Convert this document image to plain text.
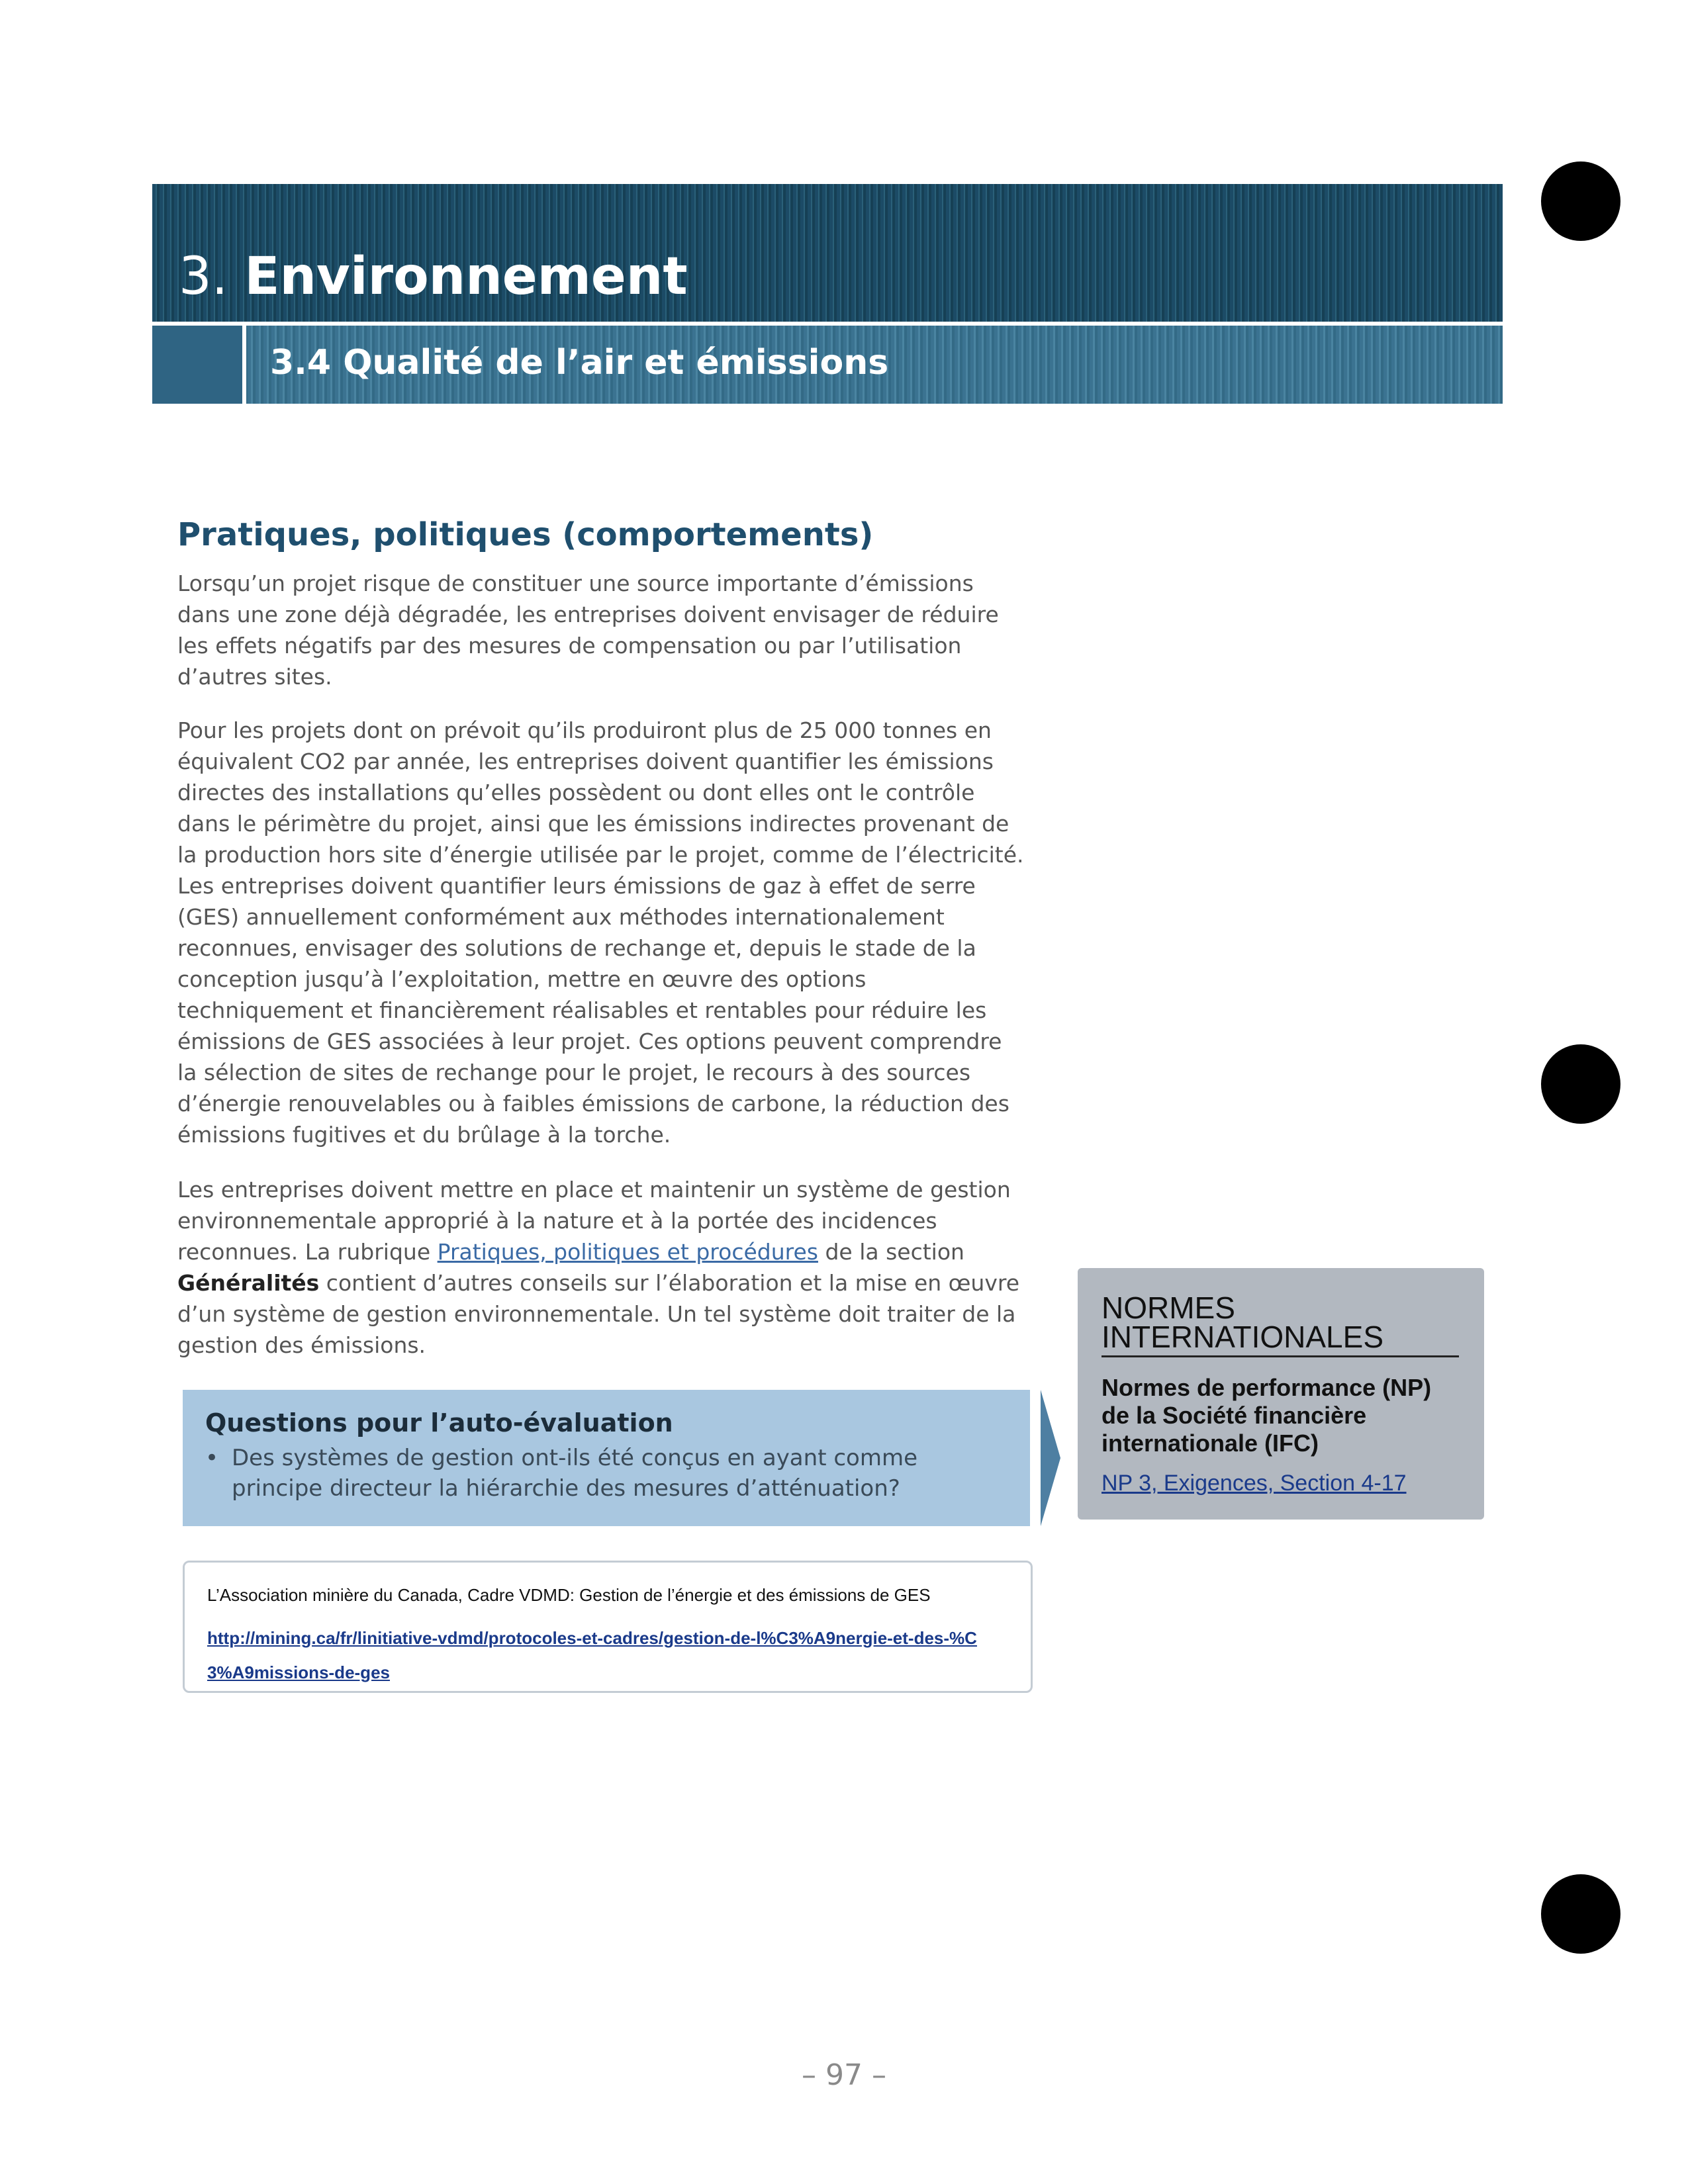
3. Environnement
3.4 Qualité de l’air et émissions
Pratiques, politiques (comportements)

Lorsqu’un projet risque de constituer une source importante d’émissions dans une zone déjà dégradée, les entreprises doivent envisager de réduire les effets négatifs par des mesures de compensation ou par l’utilisation d’autres sites.

Pour les projets dont on prévoit qu’ils produiront plus de 25 000 tonnes en équivalent CO2 par année, les entreprises doivent quantifier les émissions directes des installations qu’elles possèdent ou dont elles ont le contrôle dans le périmètre du projet, ainsi que les émissions indirectes provenant de la production hors site d’énergie utilisée par le projet, comme de l’électricité. Les entreprises doivent quantifier leurs émissions de gaz à effet de serre (GES) annuellement conformément aux méthodes internationalement reconnues, envisager des solutions de rechange et, depuis le stade de la conception jusqu’à l’exploitation, mettre en œuvre des options techniquement et financièrement réalisables et rentables pour réduire les émissions de GES associées à leur projet. Ces options peuvent comprendre la sélection de sites de rechange pour le projet, le recours à des sources d’énergie renouvelables ou à faibles émissions de carbone, la réduction des émissions fugitives et du brûlage à la torche.

Les entreprises doivent mettre en place et maintenir un système de gestion environnementale approprié à la nature et à la portée des incidences reconnues. La rubrique Pratiques, politiques et procédures de la section Généralités contient d’autres conseils sur l’élaboration et la mise en œuvre d’un système de gestion environnementale. Un tel système doit traiter de la gestion des émissions.

Questions pour l’auto-évaluation
• Des systèmes de gestion ont-ils été conçus en ayant comme principe directeur la hiérarchie des mesures d’atténuation?
L’Association minière du Canada, Cadre VDMD: Gestion de l’énergie et des émissions de GES
http://mining.ca/fr/linitiative-vdmd/protocoles-et-cadres/gestion-de-l%C3%A9nergie-et-des-%C3%A9missions-de-ges
NORMES INTERNATIONALES
Normes de performance (NP) de la Société financière internationale (IFC)
NP 3, Exigences, Section 4-17
– 97 –
